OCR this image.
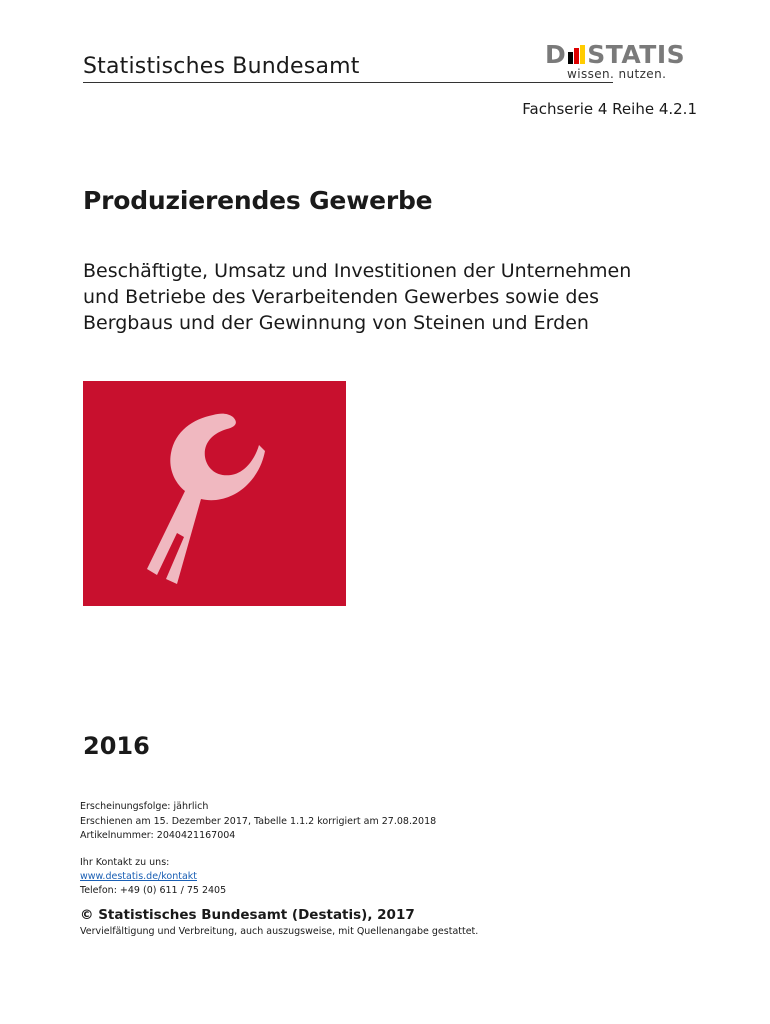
Statistisches Bundesamt	D STATIS
wissen. nutzen.
Fachserie 4 Reihe 4.2.1
Produzierendes Gewerbe
Beschäftigte, Umsatz und Investitionen der Unternehmen
und Betriebe des Verarbeitenden Gewerbes sowie des
Bergbaus und der Gewinnung von Steinen und Erden
2016
Erscheinungsfolge: jährlich
Erschienen am 15. Dezember 2017, Tabelle 1.1.2 korrigiert am 27.08.2018
Artikelnummer: 2040421167004
Ihr Kontakt zu uns:
www.destatis.de/kontakt
Telefon: +49 (0) 611 / 75 2405
© Statistisches Bundesamt (Destatis), 2017
Vervielfältigung und Verbreitung, auch auszugsweise, mit Quellenangabe gestattet.
